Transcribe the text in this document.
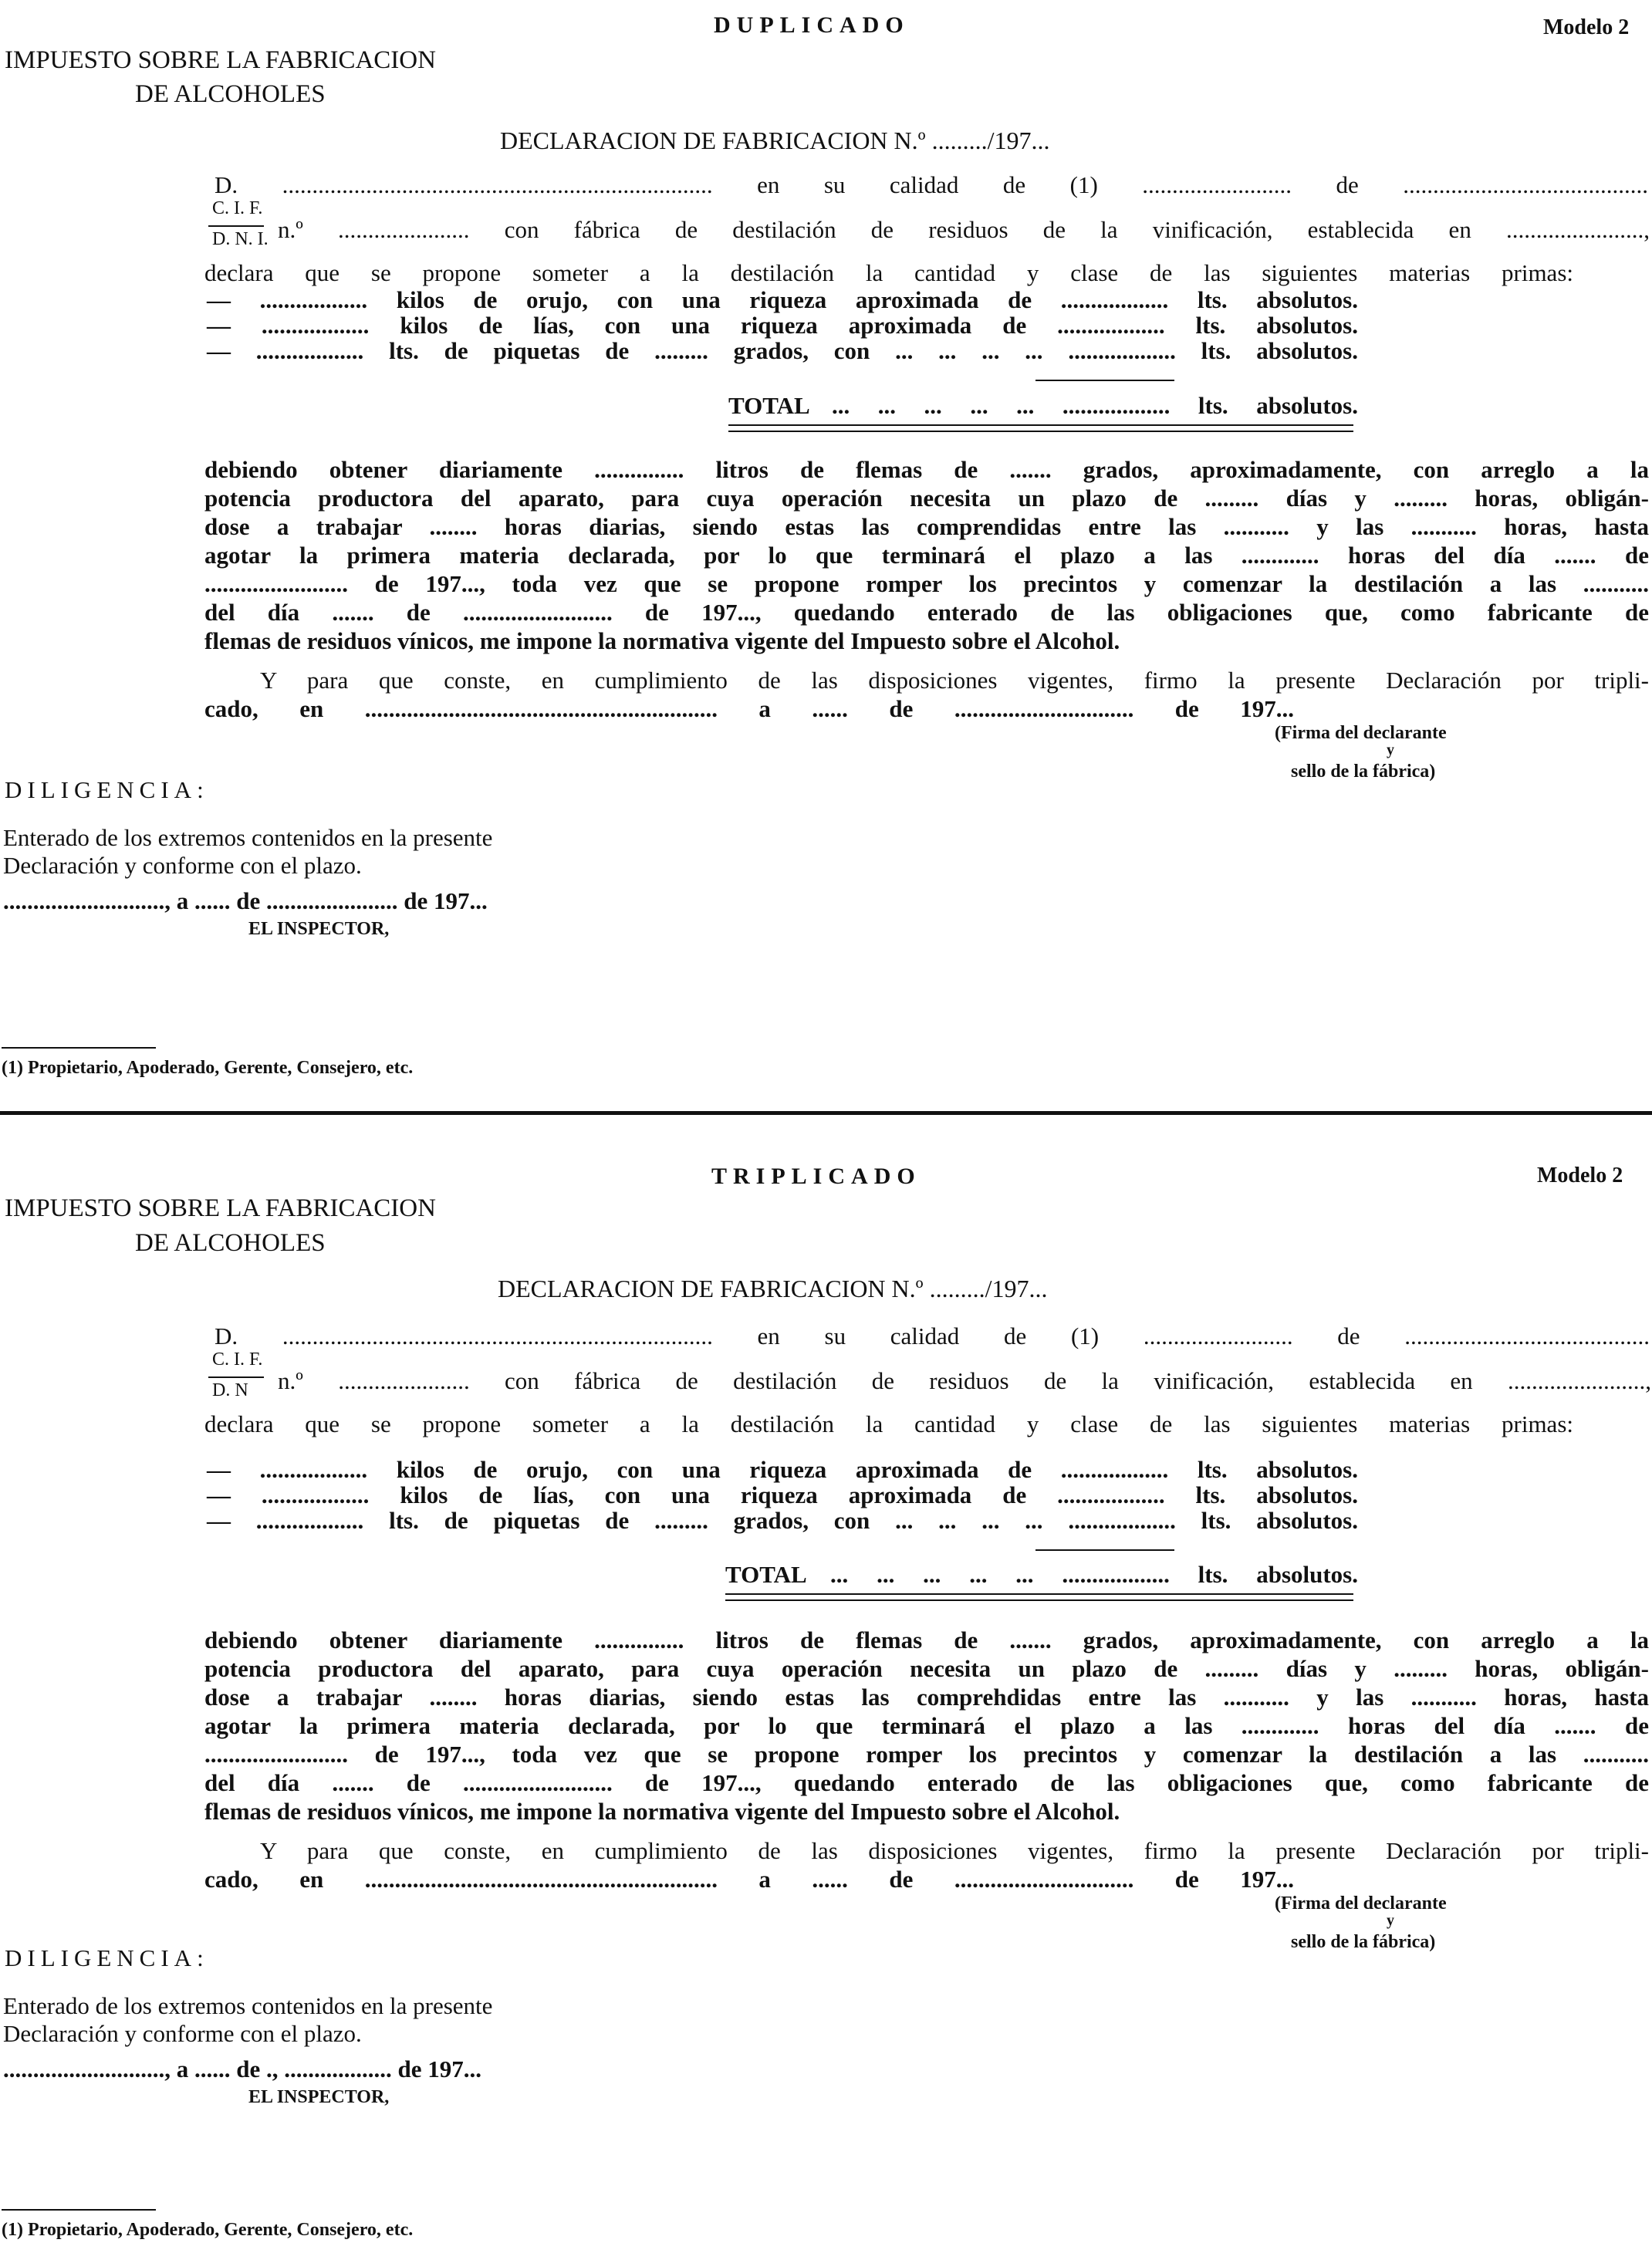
DUPLICADO	Modelo 2
IMPUESTO SOBRE LA FABRICACION
DE ALCOHOLES
DECLARACION DE FABRICACION N.º ........./197...
D. ........................................................................ en su calidad de (1) ......................... de .........................................
C. I. F.
D. N. I. n.º ...................... con fábrica de destilación de residuos de la vinificación, establecida en .......................,
declara que se propone someter a la destilación la cantidad y clase de las siguientes materias primas:
— .................. kilos de orujo, con una riqueza aproximada de .................. lts. absolutos.
— .................. kilos de lías, con una riqueza aproximada de .................. lts. absolutos.
— .................. lts. de piquetas de ......... grados, con ... ... ... ... .................. lts. absolutos.
TOTAL ... ... ... ... ... .................. lts. absolutos.
debiendo obtener diariamente ............... litros de flemas de ....... grados, aproximadamente, con arreglo a la
potencia productora del aparato, para cuya operación necesita un plazo de ......... días y ......... horas, obligán-
dose a trabajar ........ horas diarias, siendo estas las comprendidas entre las ........... y las ........... horas, hasta
agotar la primera materia declarada, por lo que terminará el plazo a las ............. horas del día ....... de
........................ de 197..., toda vez que se propone romper los precintos y comenzar la destilación a las ...........
del día ....... de ......................... de 197..., quedando enterado de las obligaciones que, como fabricante de
flemas de residuos vínicos, me impone la normativa vigente del Impuesto sobre el Alcohol.
Y para que conste, en cumplimiento de las disposiciones vigentes, firmo la presente Declaración por tripli-
cado, en ........................................................... a ...... de .............................. de 197...
(Firma del declarante
y
sello de la fábrica)
DILIGENCIA:
Enterado de los extremos contenidos en la presente
Declaración y conforme con el plazo.
..........................., a ...... de ...................... de 197...
EL INSPECTOR,
(1) Propietario, Apoderado, Gerente, Consejero, etc.
TRIPLICADO	Modelo 2
IMPUESTO SOBRE LA FABRICACION
DE ALCOHOLES
DECLARACION DE FABRICACION N.º ........./197...
D. ........................................................................ en su calidad de (1) ......................... de .........................................
C. I. F.
D. N n.º ...................... con fábrica de destilación de residuos de la vinificación, establecida en .......................,
declara que se propone someter a la destilación la cantidad y clase de las siguientes materias primas:
— .................. kilos de orujo, con una riqueza aproximada de .................. lts. absolutos.
— .................. kilos de lías, con una riqueza aproximada de .................. lts. absolutos.
— .................. lts. de piquetas de ......... grados, con ... ... ... ... .................. lts. absolutos.
TOTAL ... ... ... ... ... .................. lts. absolutos.
debiendo obtener diariamente ............... litros de flemas de ....... grados, aproximadamente, con arreglo a la
potencia productora del aparato, para cuya operación necesita un plazo de ......... días y ......... horas, obligán-
dose a trabajar ........ horas diarias, siendo estas las comprehdidas entre las ........... y las ........... horas, hasta
agotar la primera materia declarada, por lo que terminará el plazo a las ............. horas del día ....... de
........................ de 197..., toda vez que se propone romper los precintos y comenzar la destilación a las ...........
del día ....... de ......................... de 197..., quedando enterado de las obligaciones que, como fabricante de
flemas de residuos vínicos, me impone la normativa vigente del Impuesto sobre el Alcohol.
Y para que conste, en cumplimiento de las disposiciones vigentes, firmo la presente Declaración por tripli-
cado, en ........................................................... a ...... de .............................. de 197...
(Firma del declarante
y
sello de la fábrica)
DILIGENCIA:
Enterado de los extremos contenidos en la presente
Declaración y conforme con el plazo.
..........................., a ...... de ., .................. de 197...
EL INSPECTOR,
(1) Propietario, Apoderado, Gerente, Consejero, etc.
